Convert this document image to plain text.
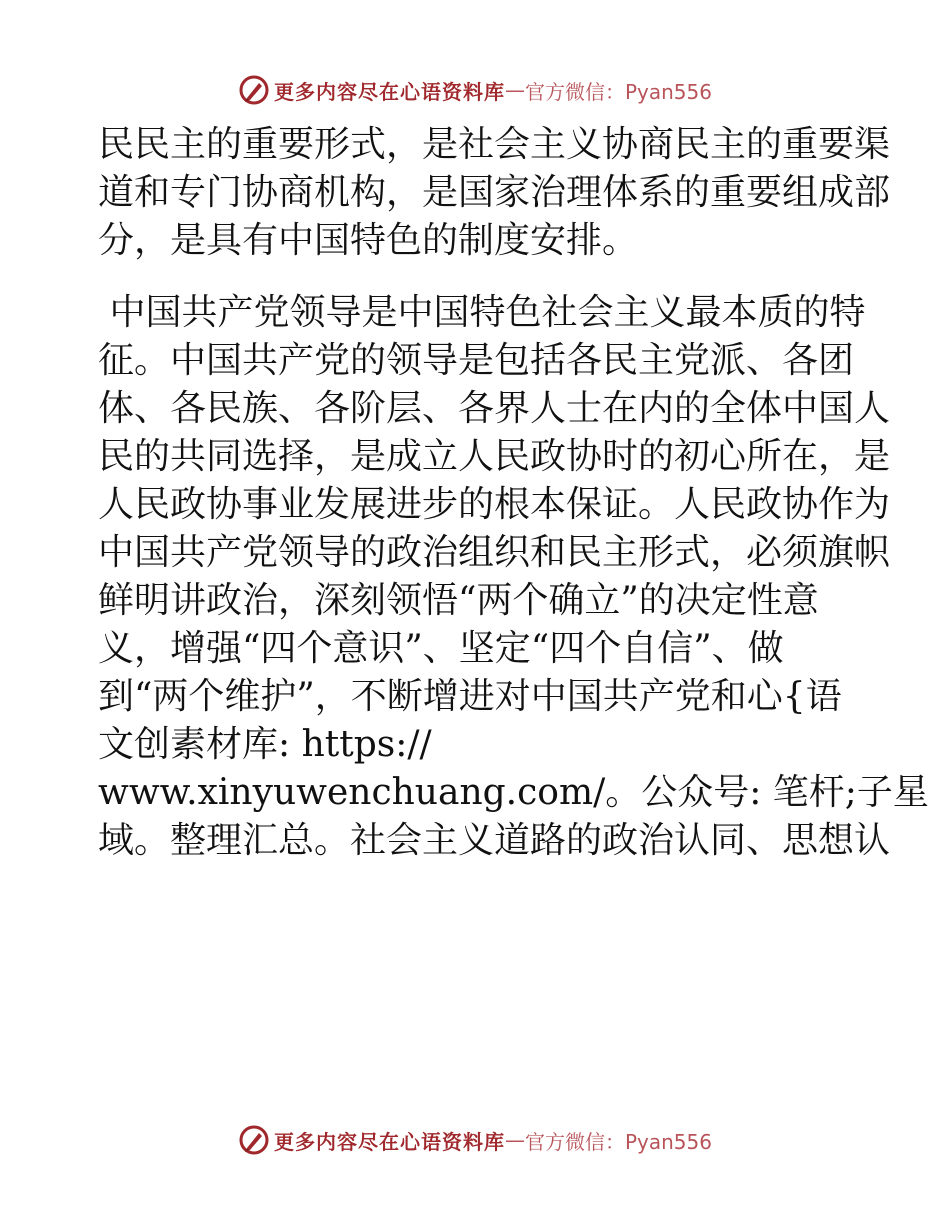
更多内容尽在心语资料库 — 官方微信：Pyan556
民民主的重要形式，是社会主义协商民主的重要渠
道和专门协商机构，是国家治理体系的重要组成部
分，是具有中国特色的制度安排。
中国共产党领导是中国特色社会主义最本质的特
征。中国共产党的领导是包括各民主党派、各团
体、各民族、各阶层、各界人士在内的全体中国人
民的共同选择，是成立人民政协时的初心所在，是
人民政协事业发展进步的根本保证。人民政协作为
中国共产党领导的政治组织和民主形式，必须旗帜
鲜明讲政治，深刻领悟“两个确立”的决定性意
义，增强“四个意识”、坚定“四个自信”、做
到“两个维护”，不断增进对中国共产党和心{语
文创素材库: https://
www.xinyuwenchuang.com/。公众号: 笔杆;子星
域。整理汇总。社会主义道路的政治认同、思想认
更多内容尽在心语资料库 — 官方微信：Pyan556
